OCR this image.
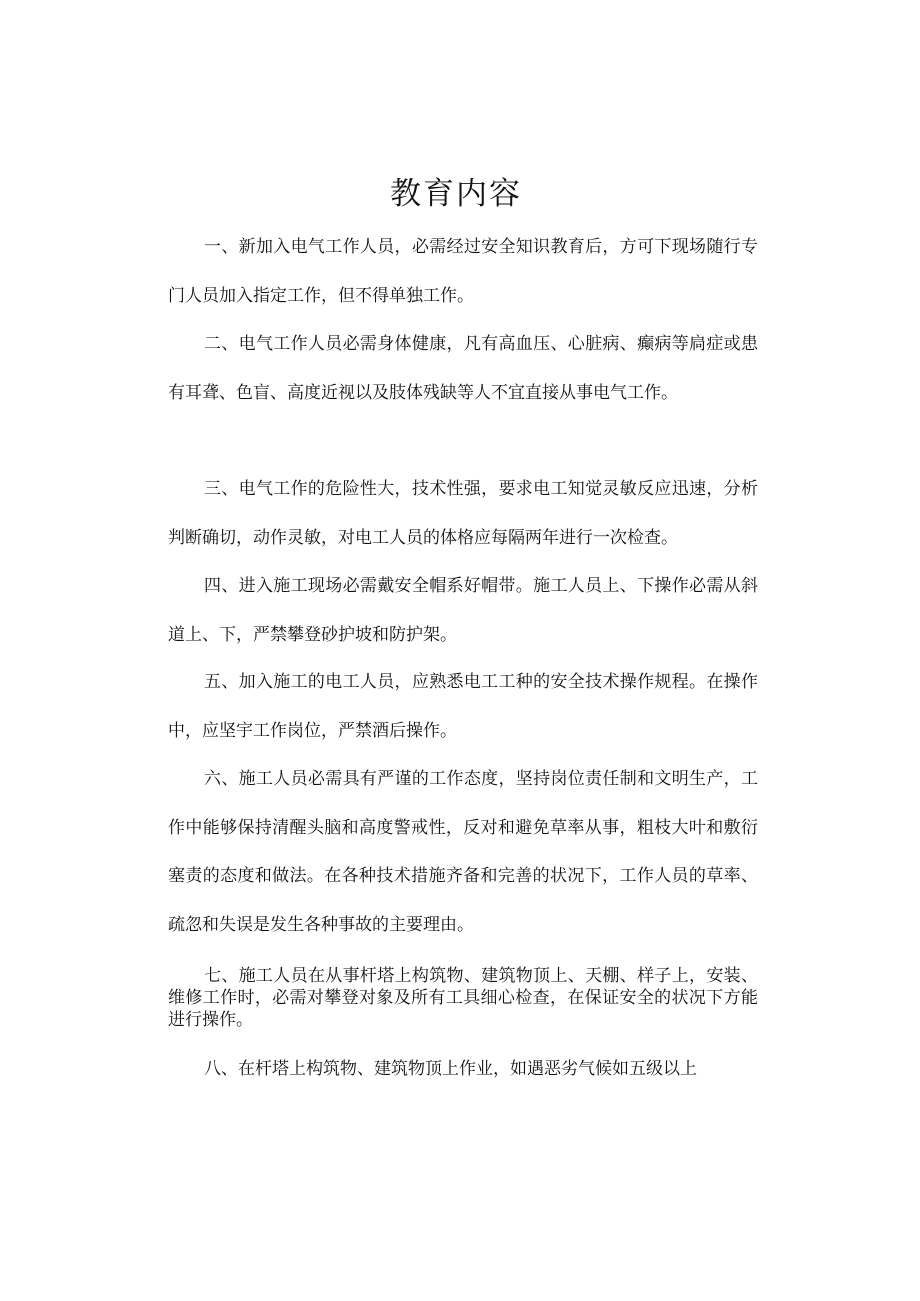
教育内容

一、新加入电气工作人员，必需经过安全知识教育后，方可下现场随行专门人员加入指定工作，但不得单独工作。

二、电气工作人员必需身体健康，凡有高血压、心脏病、癫病等扃症或患有耳聋、色盲、高度近视以及肢体残缺等人不宜直接从事电气工作。

三、电气工作的危险性大，技术性强，要求电工知觉灵敏反应迅速，分析判断确切，动作灵敏，对电工人员的体格应每隔两年进行一次检查。

四、进入施工现场必需戴安全帽系好帽带。施工人员上、下操作必需从斜道上、下，严禁攀登砂护坡和防护架。

五、加入施工的电工人员，应熟悉电工工种的安全技术操作规程。在操作中，应坚宇工作岗位，严禁酒后操作。

六、施工人员必需具有严谨的工作态度，坚持岗位责任制和文明生产，工作中能够保持清醒头脑和高度警戒性，反对和避免草率从事，粗枝大叶和敷衍塞责的态度和做法。在各种技术措施齐备和完善的状况下，工作人员的草率、疏忽和失误是发生各种事故的主要理由。

七、施工人员在从事杆塔上构筑物、建筑物顶上、天棚、样子上，安装、维修工作时，必需对攀登对象及所有工具细心检查，在保证安全的状况下方能进行操作。

八、在杆塔上构筑物、建筑物顶上作业，如遇恶劣气候如五级以上
